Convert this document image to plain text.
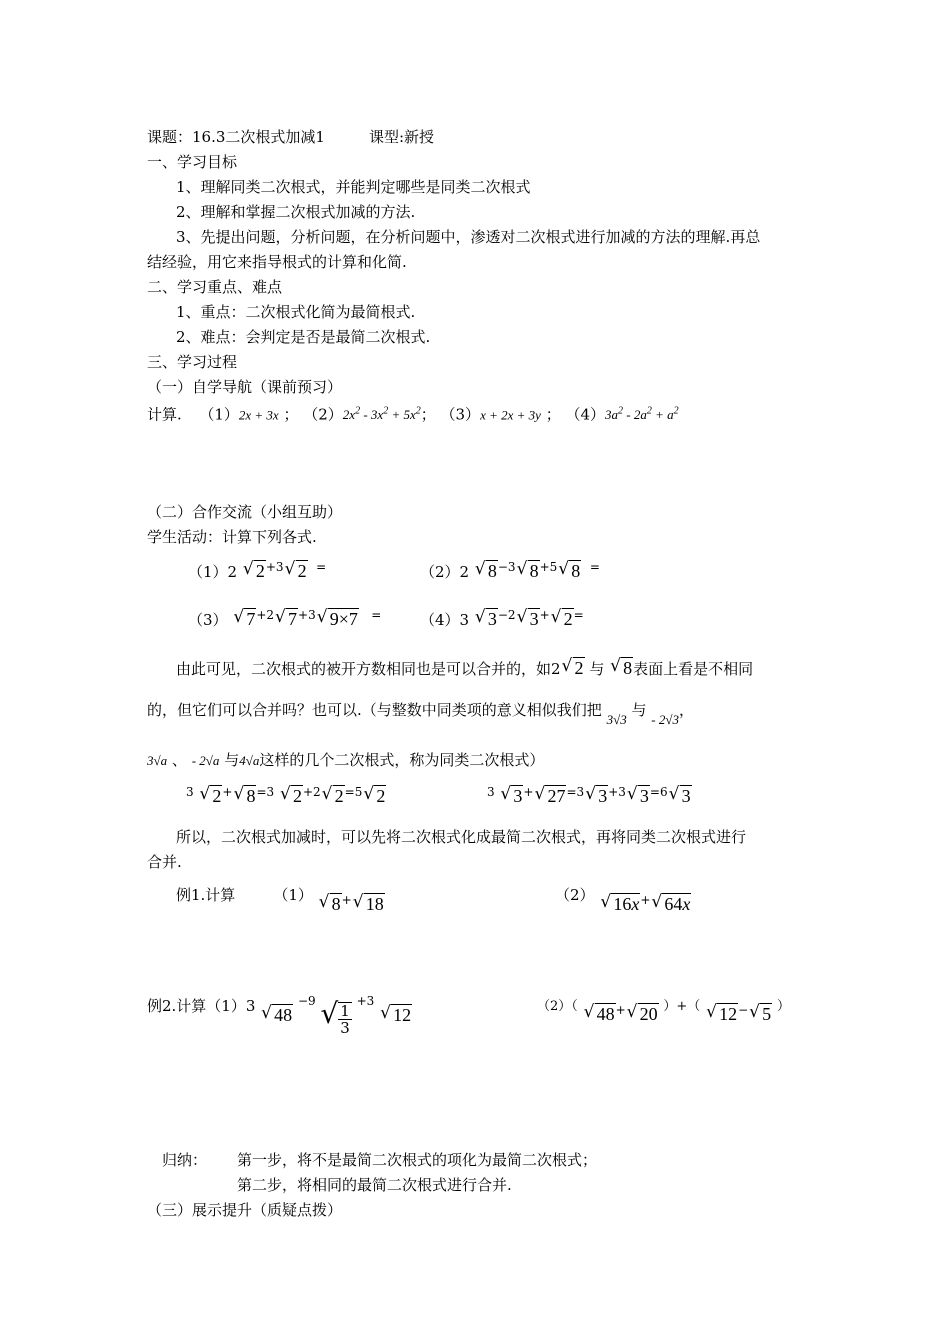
课题：16.3二次根式加减1	课型:新授
一、学习目标
1、理解同类二次根式，并能判定哪些是同类二次根式
2、理解和掌握二次根式加减的方法.
3、先提出问题，分析问题，在分析问题中，渗透对二次根式进行加减的方法的理解.再总
结经验，用它来指导根式的计算和化简.
二、学习重点、难点
1、重点：二次根式化简为最简根式.
2、难点：会判定是否是最简二次根式.
三、学习过程
（一）自学导航（课前预习）
计算. （1）2x + 3x ； $(2)2x^2 - 3x^2 + 5x^2$； （3）x + 2x + 3y ； $(4)3a^2 - 2a^2 + a^2$
（二）合作交流（小组互助）
学生活动：计算下列各式.
（1）2 √ $2^{+3}$ √ 2  =	（2）2 √ $8^{-3}$ √ $8^{+5}$ √ 8  =
（3） √ $7^{+2}$ √ $7^{+3}$ √ 9×7   =	（4）3 √ $3^{-2}$ √ 3+ √ 2=
由此可见，二次根式的被开方数相同也是可以合并的，如2 √ 2 与 √ 8表面上看是不相同
的，但它们可以合并吗？也可以.（与整数中同类项的意义相似我们把 3√3 与 - 2√3，
3√a 、 - 2√a 与4√a这样的几个二次根式，称为同类二次根式）
$^3$ √ 2+ √ $8^{=3}$ √ $2^{+2}$ √ $2^{=5}$ √ 2	$^3$ √ 3+ √ $27^{=3}$ √ $3^{+3}$ √ $3^{=6}$ √ 3
所以，二次根式加减时，可以先将二次根式化成最简二次根式，再将同类二次根式进行
合并.
例1.计算	（1） √ 8+ √ 18	（2） √ 16x+ √ 64x
例2.计算（1）3 √ 48 $^{-9}$ √ $\frac{1}{3}$
$^{+3}$
√ 12	（2）（ √ 48+ √ 20 ）+（ √ 12− √ 5 ）
归纳： 第一步，将不是最简二次根式的项化为最简二次根式；
第二步，将相同的最简二次根式进行合并.
（三）展示提升（质疑点拨）
